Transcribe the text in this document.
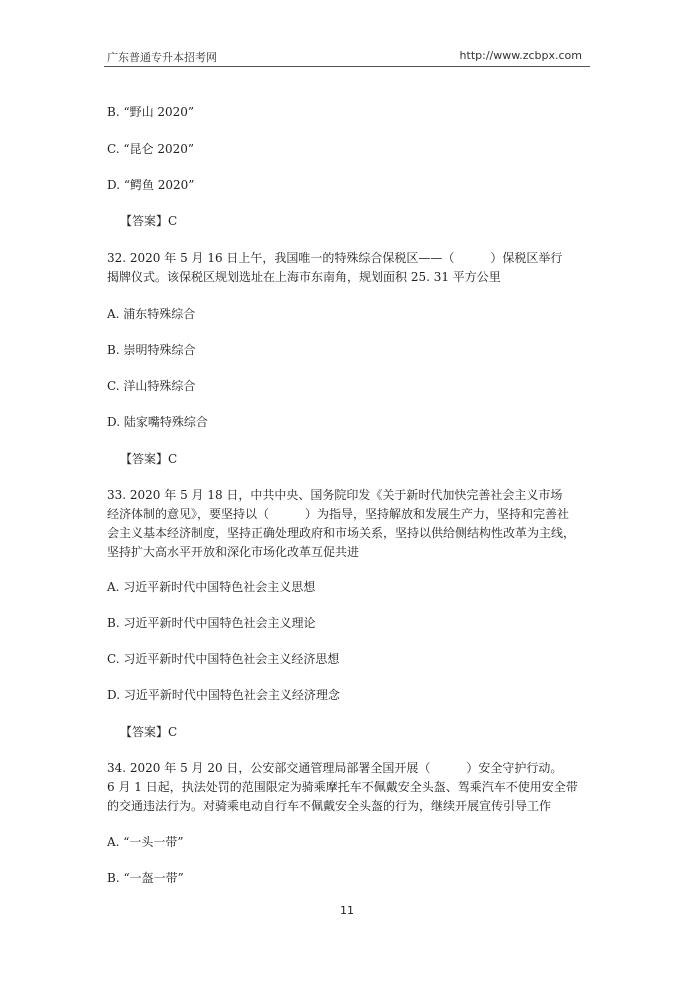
广东普通专升本招考网	http://www.zcbpx.com
B. “野山 2020”
C. “昆仑 2020”
D. “鳄鱼 2020”
【答案】C
32. 2020 年 5 月 16 日上午，我国唯一的特殊综合保税区——（　　　）保税区举行
揭牌仪式。该保税区规划选址在上海市东南角，规划面积 25. 31 平方公里
A. 浦东特殊综合
B. 崇明特殊综合
C. 洋山特殊综合
D. 陆家嘴特殊综合
【答案】C
33. 2020 年 5 月 18 日，中共中央、国务院印发《关于新时代加快完善社会主义市场
经济体制的意见》，要坚持以（　　　）为指导，坚持解放和发展生产力，坚持和完善社
会主义基本经济制度，坚持正确处理政府和市场关系，坚持以供给侧结构性改革为主线，
坚持扩大高水平开放和深化市场化改革互促共进
A. 习近平新时代中国特色社会主义思想
B. 习近平新时代中国特色社会主义理论
C. 习近平新时代中国特色社会主义经济思想
D. 习近平新时代中国特色社会主义经济理念
【答案】C
34. 2020 年 5 月 20 日，公安部交通管理局部署全国开展（　　　）安全守护行动。
6 月 1 日起，执法处罚的范围限定为骑乘摩托车不佩戴安全头盔、驾乘汽车不使用安全带
的交通违法行为。对骑乘电动自行车不佩戴安全头盔的行为，继续开展宣传引导工作
A. “一头一带”
B. “一盔一带”
11
